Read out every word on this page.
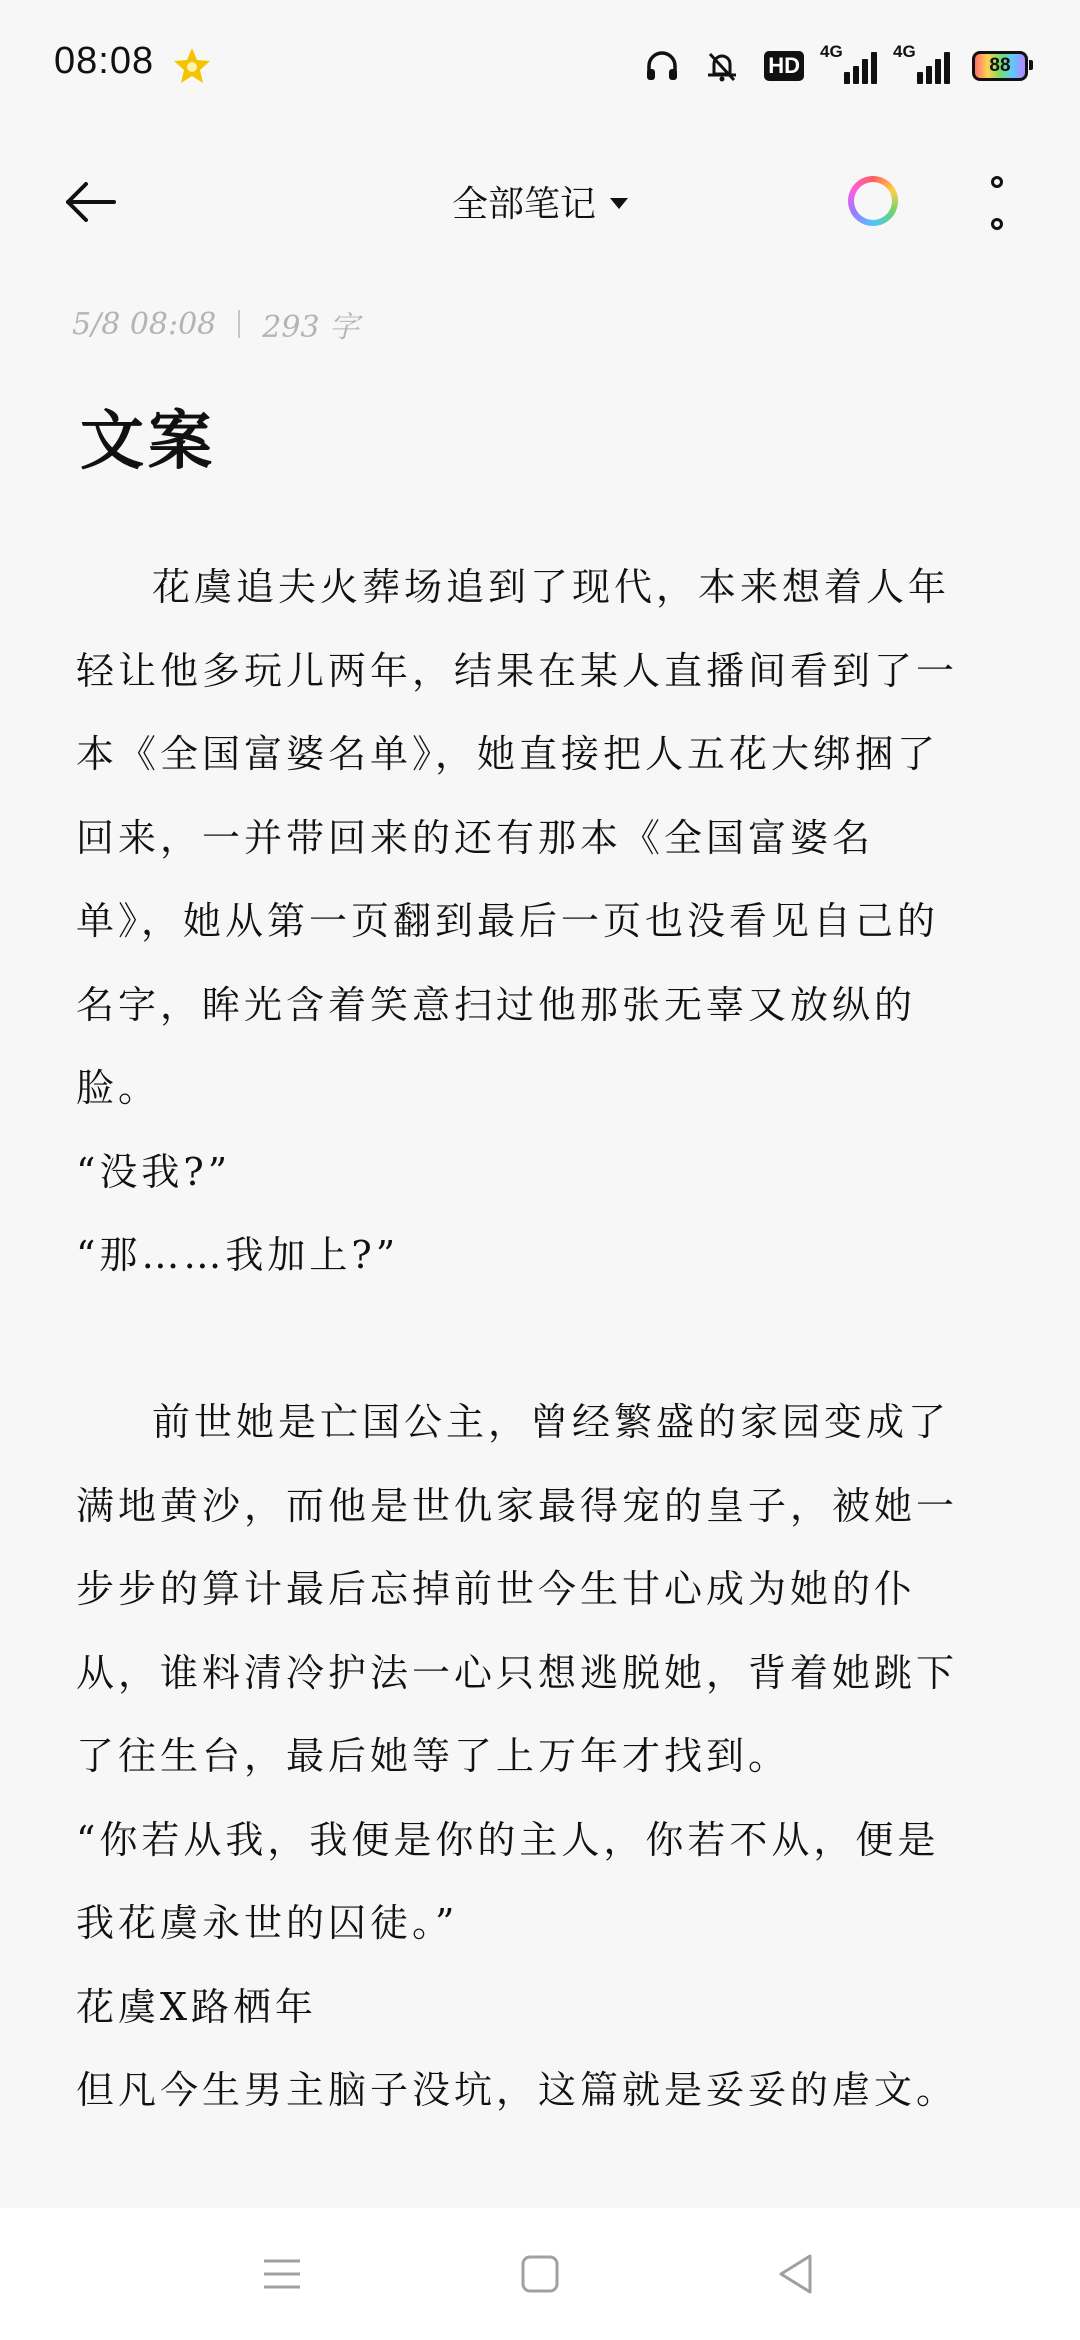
08:08	HD
4G	4G
88
全部笔记
5/8 08:08 293 字
文案

花虞追夫火葬场追到了现代，本来想着人年轻让他多玩儿两年，结果在某人直播间看到了一本《全国富婆名单》，她直接把人五花大绑捆了回来，一并带回来的还有那本《全国富婆名单》，她从第一页翻到最后一页也没看见自己的名字，眸光含着笑意扫过他那张无辜又放纵的脸。

“没我?”

“那……我加上?”

前世她是亡国公主，曾经繁盛的家园变成了满地黄沙，而他是世仇家最得宠的皇子，被她一步步的算计最后忘掉前世今生甘心成为她的仆从，谁料清冷护法一心只想逃脱她，背着她跳下了往生台，最后她等了上万年才找到。

“你若从我，我便是你的主人，你若不从，便是我花虞永世的囚徒。”

花虞X路栖年

但凡今生男主脑子没坑，这篇就是妥妥的虐文。
